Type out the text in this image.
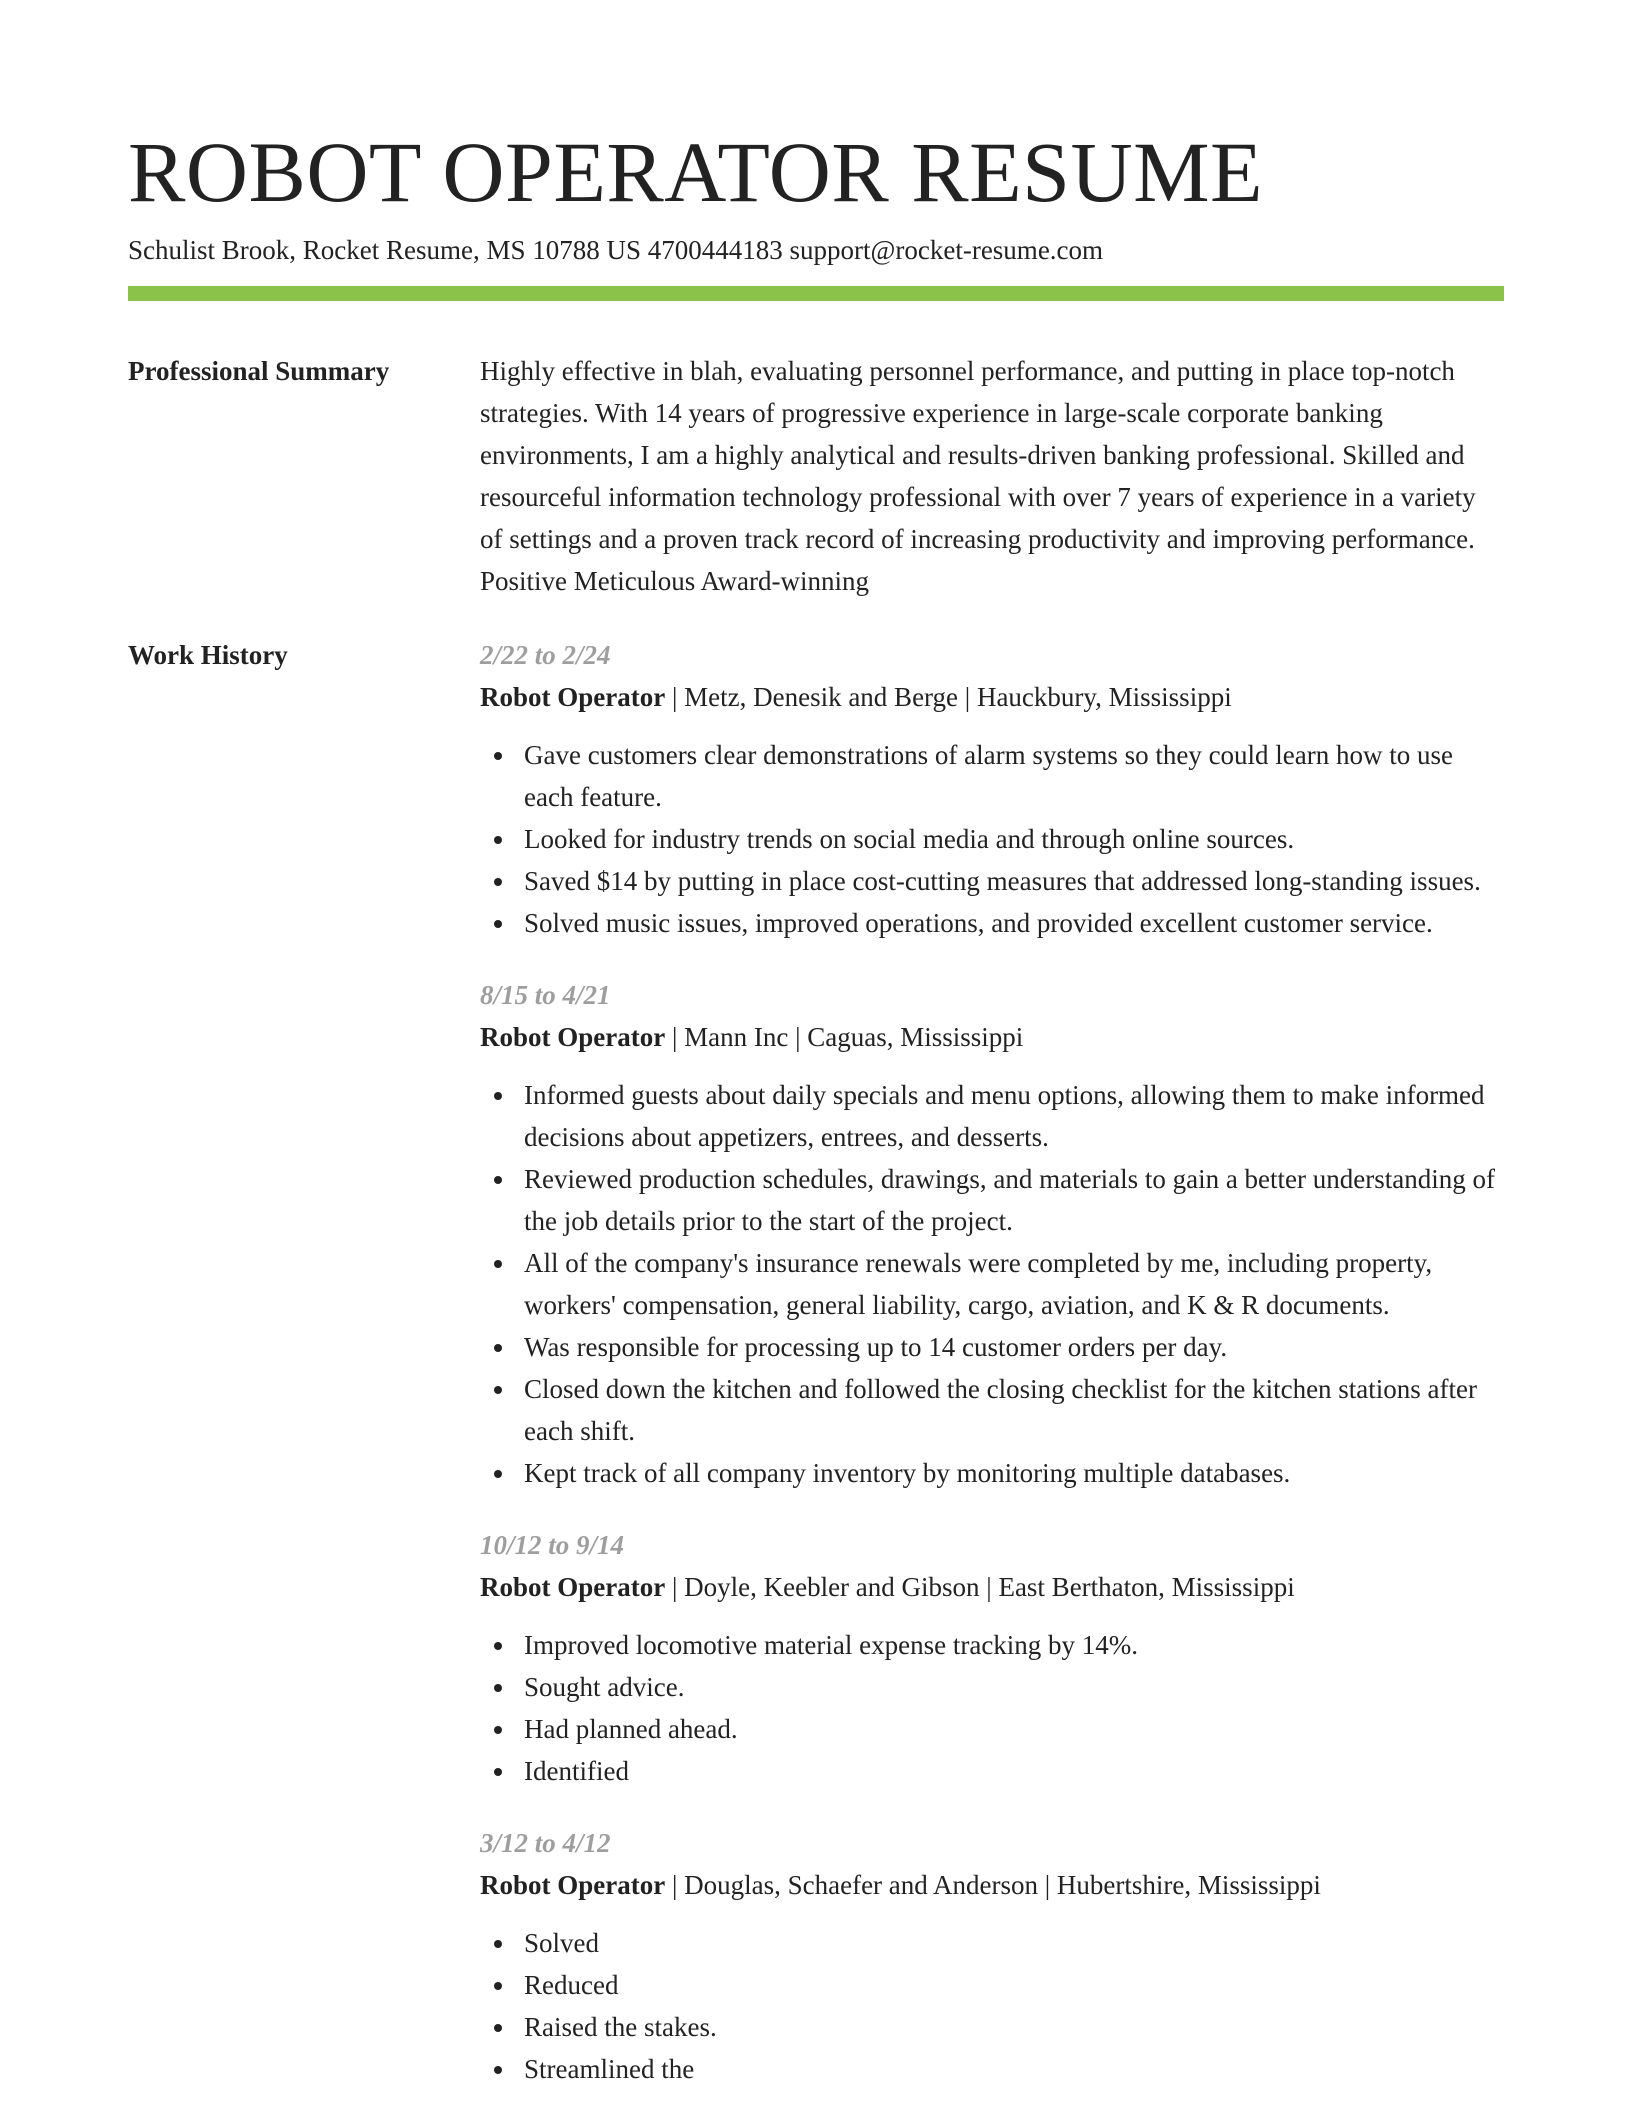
ROBOT OPERATOR RESUME
Schulist Brook, Rocket Resume, MS 10788 US 4700444183 support@rocket-resume.com
Professional Summary	Highly effective in blah, evaluating personnel performance, and putting in place top-notch strategies. With 14 years of progressive experience in large-scale corporate banking environments, I am a highly analytical and results-driven banking professional. Skilled and resourceful information technology professional with over 7 years of experience in a variety of settings and a proven track record of increasing productivity and improving performance. Positive Meticulous Award-winning

Work History	2/22 to 2/24
Robot Operator | Metz, Denesik and Berge | Hauckbury, Mississippi
Gave customers clear demonstrations of alarm systems so they could learn how to use each feature.
Looked for industry trends on social media and through online sources.
Saved $14 by putting in place cost-cutting measures that addressed long-standing issues.
Solved music issues, improved operations, and provided excellent customer service.
8/15 to 4/21
Robot Operator | Mann Inc | Caguas, Mississippi
Informed guests about daily specials and menu options, allowing them to make informed decisions about appetizers, entrees, and desserts.
Reviewed production schedules, drawings, and materials to gain a better understanding of the job details prior to the start of the project.
All of the company's insurance renewals were completed by me, including property, workers' compensation, general liability, cargo, aviation, and K & R documents.
Was responsible for processing up to 14 customer orders per day.
Closed down the kitchen and followed the closing checklist for the kitchen stations after each shift.
Kept track of all company inventory by monitoring multiple databases.
10/12 to 9/14
Robot Operator | Doyle, Keebler and Gibson | East Berthaton, Mississippi
Improved locomotive material expense tracking by 14%.
Sought advice.
Had planned ahead.
Identified
3/12 to 4/12
Robot Operator | Douglas, Schaefer and Anderson | Hubertshire, Mississippi
Solved
Reduced
Raised the stakes.
Streamlined the
